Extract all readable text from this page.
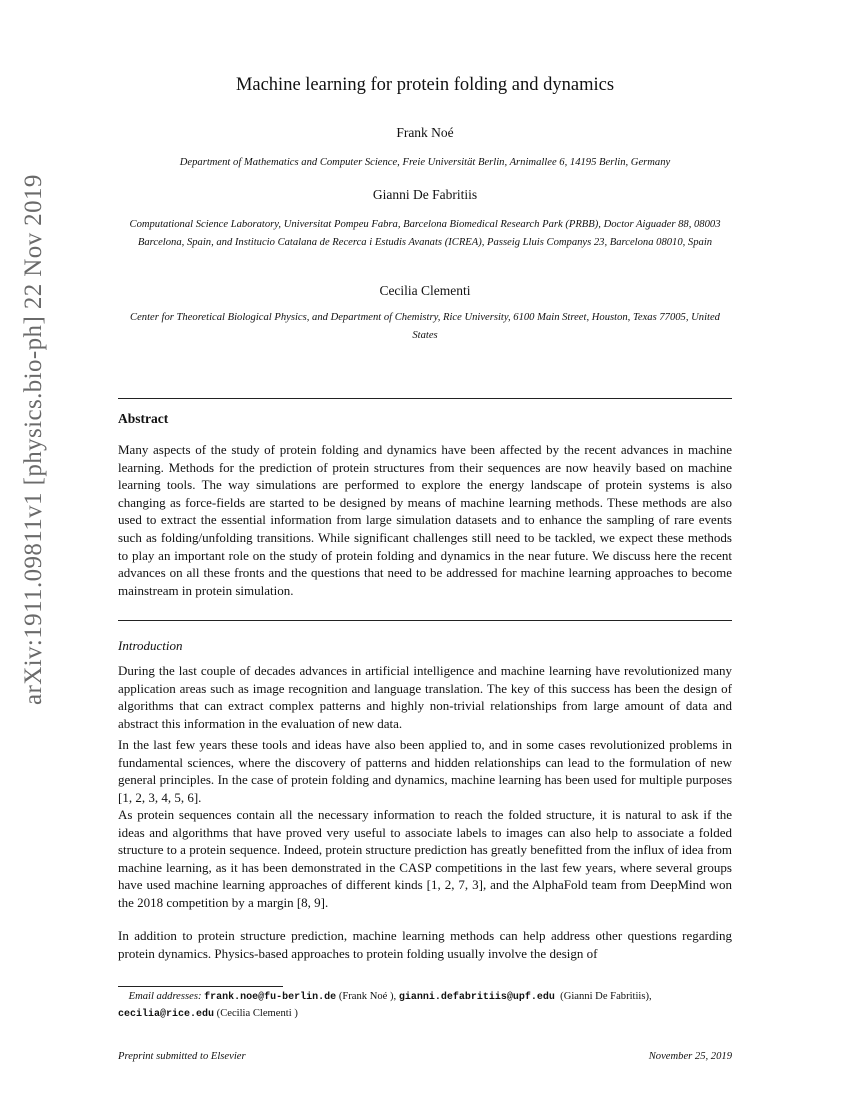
arXiv:1911.09811v1 [physics.bio-ph] 22 Nov 2019
Machine learning for protein folding and dynamics
Frank Noé
Department of Mathematics and Computer Science, Freie Universität Berlin, Arnimallee 6, 14195 Berlin, Germany
Gianni De Fabritiis
Computational Science Laboratory, Universitat Pompeu Fabra, Barcelona Biomedical Research Park (PRBB), Doctor Aiguader 88, 08003 Barcelona, Spain, and Institucio Catalana de Recerca i Estudis Avanats (ICREA), Passeig Lluis Companys 23, Barcelona 08010, Spain
Cecilia Clementi
Center for Theoretical Biological Physics, and Department of Chemistry, Rice University, 6100 Main Street, Houston, Texas 77005, United States
Abstract
Many aspects of the study of protein folding and dynamics have been affected by the recent advances in machine learning. Methods for the prediction of protein structures from their sequences are now heavily based on machine learning tools. The way simulations are performed to explore the energy landscape of protein systems is also changing as force-fields are started to be designed by means of machine learning methods. These methods are also used to extract the essential information from large simulation datasets and to enhance the sampling of rare events such as folding/unfolding transitions. While significant challenges still need to be tackled, we expect these methods to play an important role on the study of protein folding and dynamics in the near future. We discuss here the recent advances on all these fronts and the questions that need to be addressed for machine learning approaches to become mainstream in protein simulation.
Introduction
During the last couple of decades advances in artificial intelligence and machine learning have revolutionized many application areas such as image recognition and language translation. The key of this success has been the design of algorithms that can extract complex patterns and highly non-trivial relationships from large amount of data and abstract this information in the evaluation of new data.
In the last few years these tools and ideas have also been applied to, and in some cases revolutionized problems in fundamental sciences, where the discovery of patterns and hidden relationships can lead to the formulation of new general principles. In the case of protein folding and dynamics, machine learning has been used for multiple purposes [1, 2, 3, 4, 5, 6].
As protein sequences contain all the necessary information to reach the folded structure, it is natural to ask if the ideas and algorithms that have proved very useful to associate labels to images can also help to associate a folded structure to a protein sequence. Indeed, protein structure prediction has greatly benefitted from the influx of idea from machine learning, as it has been demonstrated in the CASP competitions in the last few years, where several groups have used machine learning approaches of different kinds [1, 2, 7, 3], and the AlphaFold team from DeepMind won the 2018 competition by a margin [8, 9].
In addition to protein structure prediction, machine learning methods can help address other questions regarding protein dynamics. Physics-based approaches to protein folding usually involve the design of
Email addresses: frank.noe@fu-berlin.de (Frank Noé ), gianni.defabritiis@upf.edu (Gianni De Fabritiis),
cecilia@rice.edu (Cecilia Clementi )
Preprint submitted to Elsevier	November 25, 2019
